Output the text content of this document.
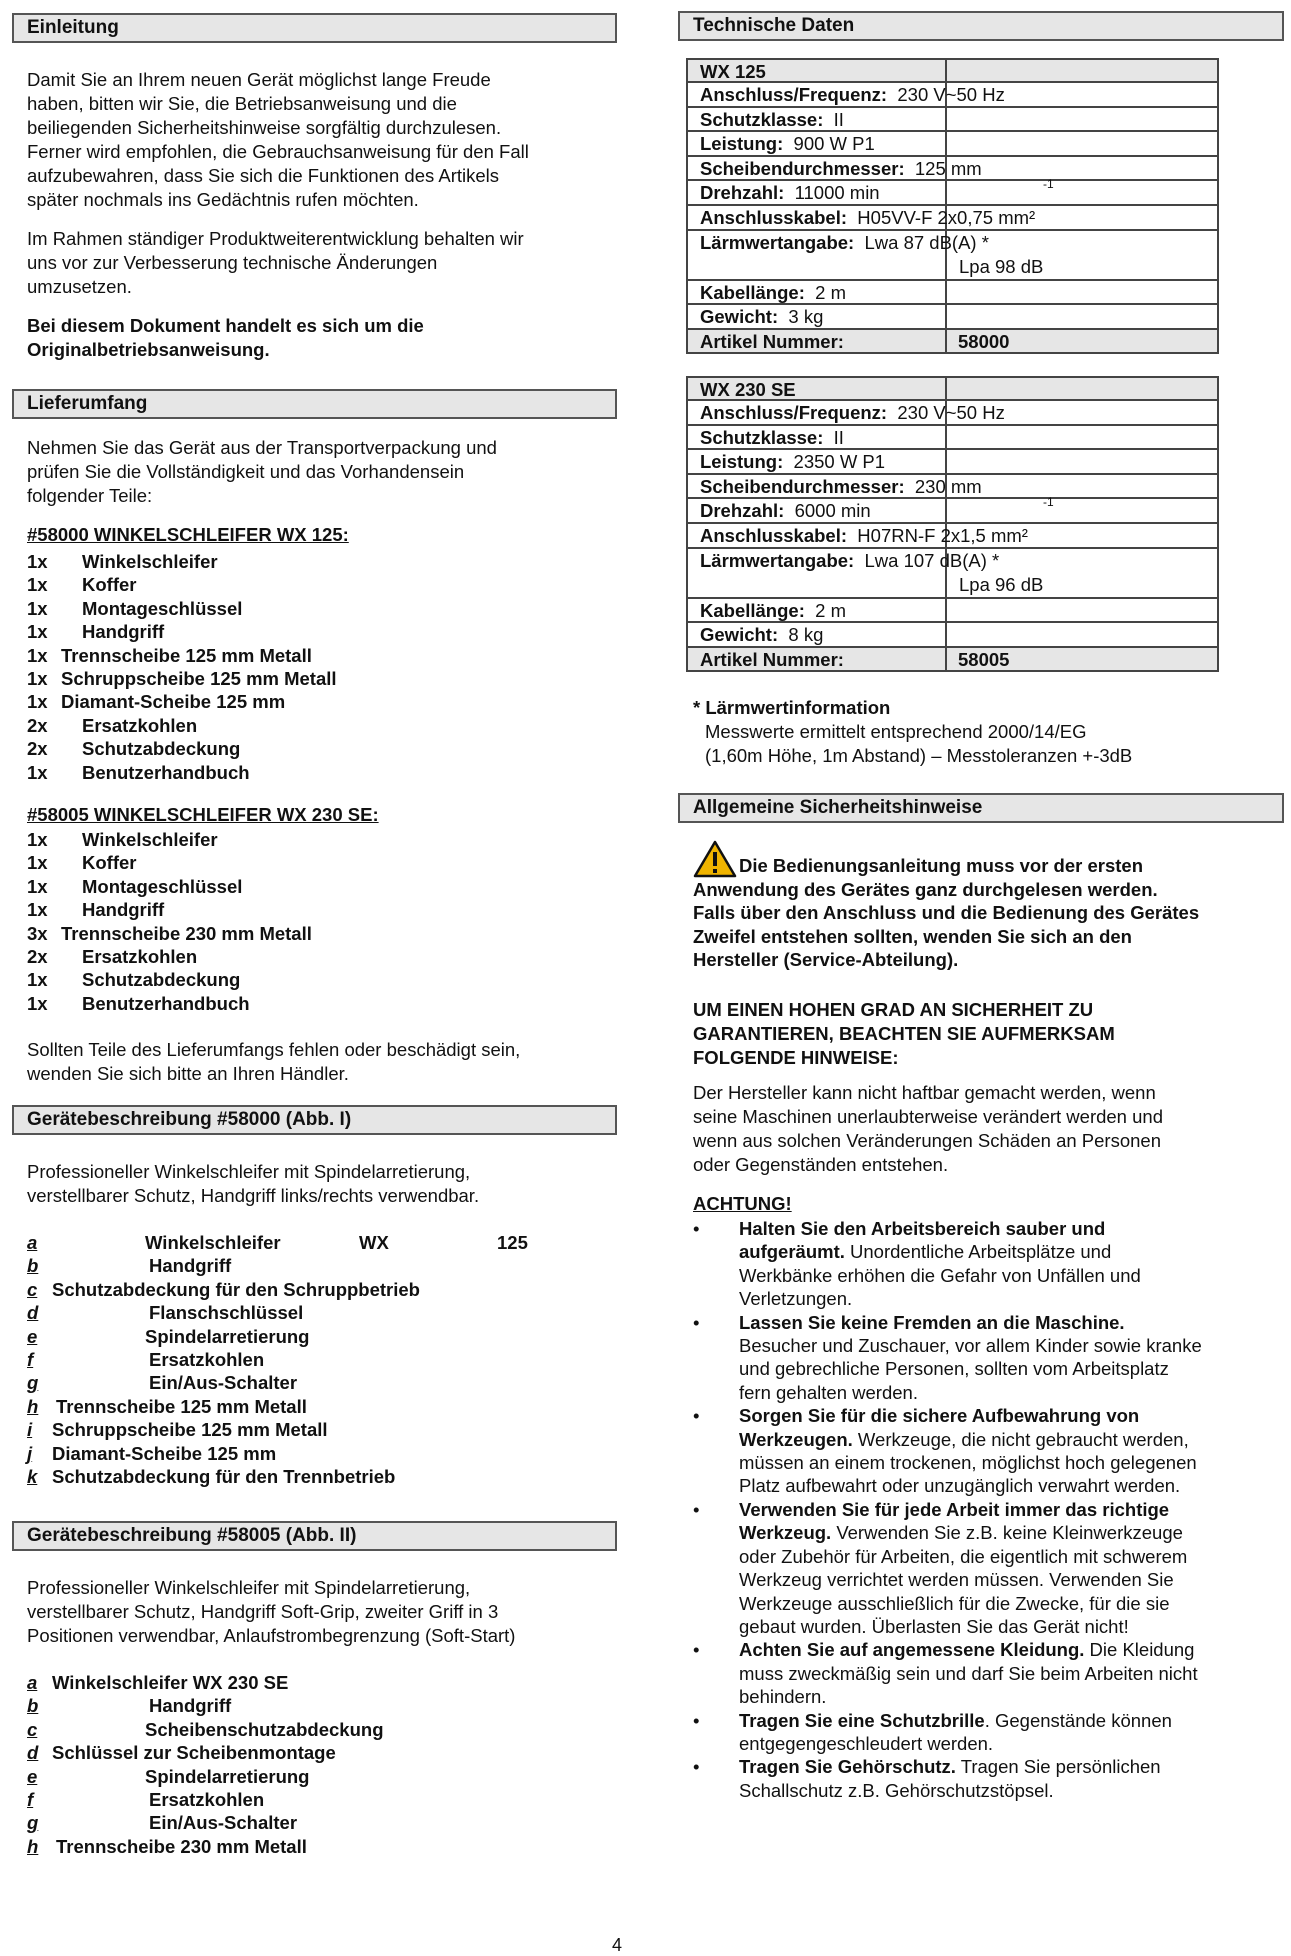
Einleitung
Damit Sie an Ihrem neuen Gerät möglichst lange Freude
haben, bitten wir Sie, die Betriebsanweisung und die
beiliegenden Sicherheitshinweise sorgfältig durchzulesen.
Ferner wird empfohlen, die Gebrauchsanweisung für den Fall
aufzubewahren, dass Sie sich die Funktionen des Artikels
später nochmals ins Gedächtnis rufen möchten.
Im Rahmen ständiger Produktweiterentwicklung behalten wir
uns vor zur Verbesserung technische Änderungen
umzusetzen.
Bei diesem Dokument handelt es sich um die
Originalbetriebsanweisung.
Lieferumfang
Nehmen Sie das Gerät aus der Transportverpackung und
prüfen Sie die Vollständigkeit und das Vorhandensein
folgender Teile:
#58000 WINKELSCHLEIFER WX 125:
1x	Winkelschleifer
1x	Koffer
1x	Montageschlüssel
1x	Handgriff
1x Trennscheibe 125 mm Metall
1x Schruppscheibe 125 mm Metall
1x Diamant-Scheibe 125 mm
2x	Ersatzkohlen
2x	Schutzabdeckung
1x	Benutzerhandbuch
#58005 WINKELSCHLEIFER WX 230 SE:
1x	Winkelschleifer
1x	Koffer
1x	Montageschlüssel
1x	Handgriff
3x Trennscheibe 230 mm Metall
2x	Ersatzkohlen
1x	Schutzabdeckung
1x	Benutzerhandbuch
Sollten Teile des Lieferumfangs fehlen oder beschädigt sein,
wenden Sie sich bitte an Ihren Händler.
Gerätebeschreibung #58000 (Abb. I)
Professioneller Winkelschleifer mit Spindelarretierung,
verstellbarer Schutz, Handgriff links/rechts verwendbar.
a	Winkelschleifer	WX	125
b	Handgriff
c Schutzabdeckung für den Schruppbetrieb
d	Flanschschlüssel
e	Spindelarretierung
f	Ersatzkohlen
g	Ein/Aus-Schalter
h Trennscheibe 125 mm Metall
i Schruppscheibe 125 mm Metall
j Diamant-Scheibe 125 mm
k Schutzabdeckung für den Trennbetrieb
Gerätebeschreibung #58005 (Abb. II)
Professioneller Winkelschleifer mit Spindelarretierung,
verstellbarer Schutz, Handgriff Soft-Grip, zweiter Griff in 3
Positionen verwendbar, Anlaufstrombegrenzung (Soft-Start)
a Winkelschleifer WX 230 SE
b	Handgriff
c	Scheibenschutzabdeckung
d Schlüssel zur Scheibenmontage
e	Spindelarretierung
f	Ersatzkohlen
g	Ein/Aus-Schalter
h Trennscheibe 230 mm Metall
Technische Daten
WX 125
Anschluss/Frequenz:  230 V~50 Hz
Schutzklasse:  II
Leistung:  900 W P1
Scheibendurchmesser:  125 mm
Drehzahl:  11000 min	-1
Anschlusskabel:  H05VV-F 2x0,75 mm²
Lärmwertangabe:  Lwa 87 dB(A) *
Lpa 98 dB
Kabellänge:  2 m
Gewicht:  3 kg
Artikel Nummer:	58000
WX 230 SE
Anschluss/Frequenz:  230 V~50 Hz
Schutzklasse:  II
Leistung:  2350 W P1
Scheibendurchmesser:  230 mm
Drehzahl:  6000 min	-1
Anschlusskabel:  H07RN-F 2x1,5 mm²
Lärmwertangabe:  Lwa 107 dB(A) *
Lpa 96 dB
Kabellänge:  2 m
Gewicht:  8 kg
Artikel Nummer:	58005
* Lärmwertinformation
Messwerte ermittelt entsprechend 2000/14/EG
(1,60m Höhe, 1m Abstand) – Messtoleranzen +-3dB
Allgemeine Sicherheitshinweise
Die Bedienungsanleitung muss vor der ersten
Anwendung des Gerätes ganz durchgelesen werden.
Falls über den Anschluss und die Bedienung des Gerätes
Zweifel entstehen sollten, wenden Sie sich an den
Hersteller (Service-Abteilung).
UM EINEN HOHEN GRAD AN SICHERHEIT ZU
GARANTIEREN, BEACHTEN SIE AUFMERKSAM
FOLGENDE HINWEISE:
Der Hersteller kann nicht haftbar gemacht werden, wenn
seine Maschinen unerlaubterweise verändert werden und
wenn aus solchen Veränderungen Schäden an Personen
oder Gegenständen entstehen.
ACHTUNG!
• Halten Sie den Arbeitsbereich sauber und
aufgeräumt. Unordentliche Arbeitsplätze und
Werkbänke erhöhen die Gefahr von Unfällen und
Verletzungen.
• Lassen Sie keine Fremden an die Maschine.
Besucher und Zuschauer, vor allem Kinder sowie kranke
und gebrechliche Personen, sollten vom Arbeitsplatz
fern gehalten werden.
• Sorgen Sie für die sichere Aufbewahrung von
Werkzeugen. Werkzeuge, die nicht gebraucht werden,
müssen an einem trockenen, möglichst hoch gelegenen
Platz aufbewahrt oder unzugänglich verwahrt werden.
• Verwenden Sie für jede Arbeit immer das richtige
Werkzeug. Verwenden Sie z.B. keine Kleinwerkzeuge
oder Zubehör für Arbeiten, die eigentlich mit schwerem
Werkzeug verrichtet werden müssen. Verwenden Sie
Werkzeuge ausschließlich für die Zwecke, für die sie
gebaut wurden. Überlasten Sie das Gerät nicht!
• Achten Sie auf angemessene Kleidung. Die Kleidung
muss zweckmäßig sein und darf Sie beim Arbeiten nicht
behindern.
• Tragen Sie eine Schutzbrille. Gegenstände können
entgegengeschleudert werden.
• Tragen Sie Gehörschutz. Tragen Sie persönlichen
Schallschutz z.B. Gehörschutzstöpsel.
4
